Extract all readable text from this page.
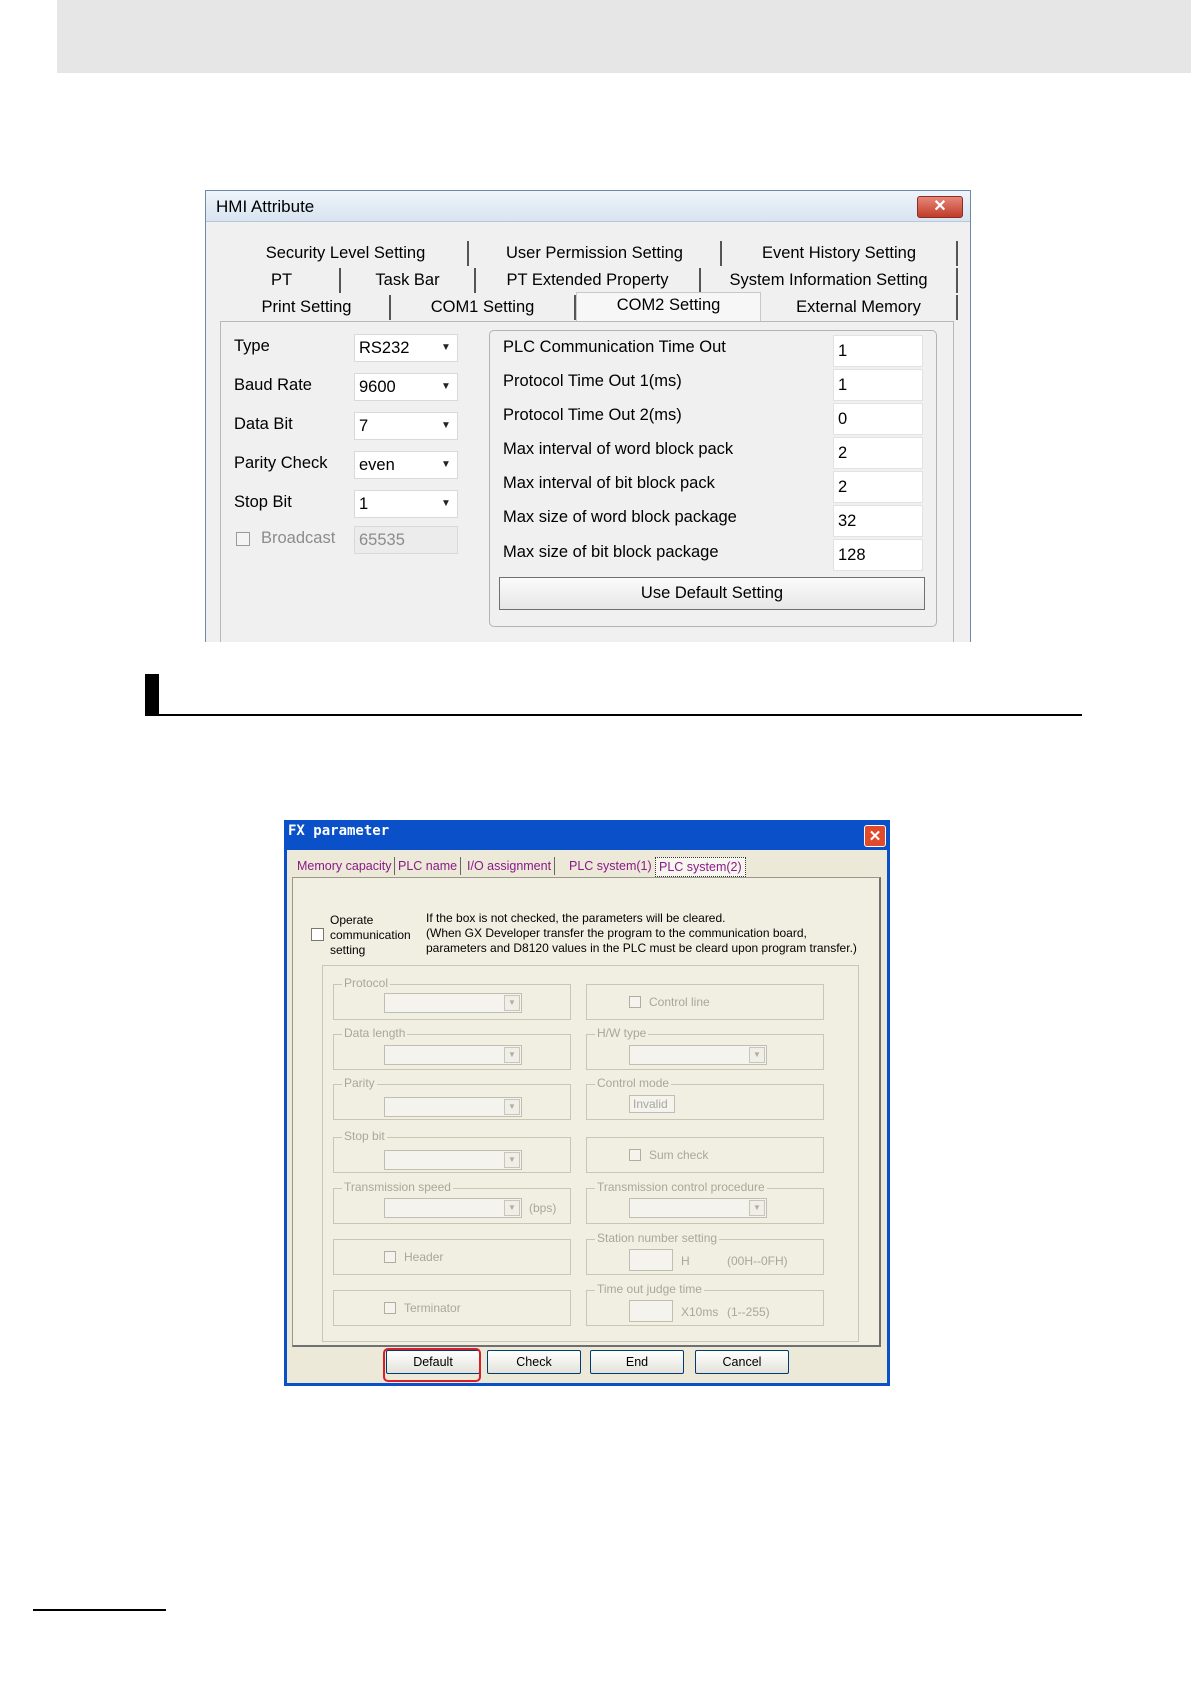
HMI Attribute	✕
Security Level Setting	User Permission Setting	Event History Setting
PT	Task Bar	PT Extended Property	System Information Setting
Print Setting	COM1 Setting	COM2 Setting	External Memory
Type	RS232	▼
Baud Rate	9600	▼
Data Bit	7	▼
Parity Check	even	▼
Stop Bit	1	▼
Broadcast	65535
PLC Communication Time Out	1
Protocol Time Out 1(ms)	1
Protocol Time Out 2(ms)	0
Max interval of word block pack	2
Max interval of bit block pack	2
Max size of word block package	32
Max size of bit block package	128
Use Default Setting
FX parameter	✕
Memory capacity PLC name I/O assignment	PLC system(1) PLC system(2)
Operate
communication
setting
If the box is not checked, the parameters will be cleared.
(When GX Developer transfer the program to the communication board,
parameters and D8120 values in the PLC must be cleard upon program transfer.)
Protocol
▼
Data length
▼
Parity
▼
Stop bit
▼
Transmission speed
▼	(bps)
Header
Terminator
Control line
H/W type
▼
Control mode
Invalid
Sum check
Transmission control procedure
▼
Station number setting
H	(00H--0FH)
Time out judge time
X10ms (1--255)
Default	Check	End	Cancel
